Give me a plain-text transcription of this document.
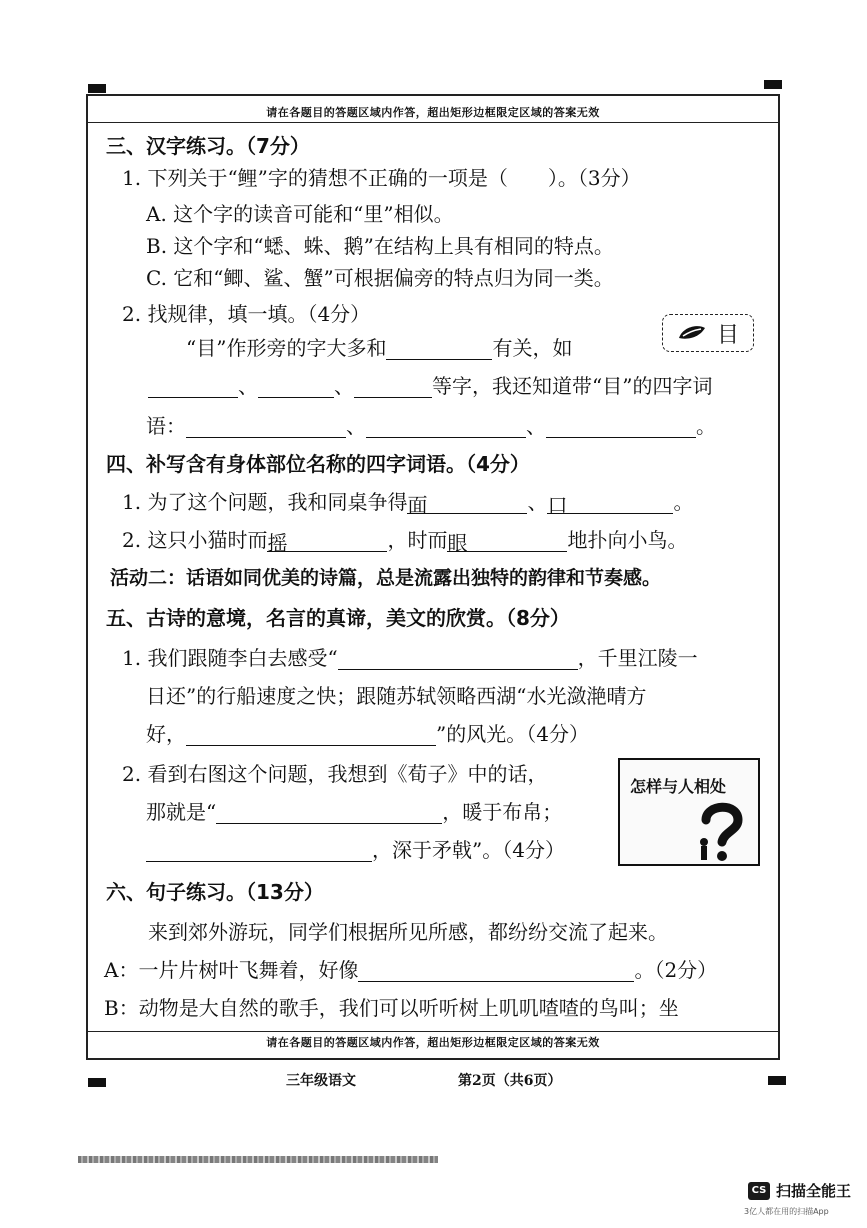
请在各题目的答题区域内作答，超出矩形边框限定区域的答案无效
请在各题目的答题区域内作答，超出矩形边框限定区域的答案无效
三、汉字练习。（7分）
1. 下列关于“鲤”字的猜想不正确的一项是（　　）。（3分）
A. 这个字的读音可能和“里”相似。
B. 这个字和“蟋、蛛、鹅”在结构上具有相同的特点。
C. 它和“鲫、鲨、蟹”可根据偏旁的特点归为同一类。
2. 找规律，填一填。（4分）
目
“目”作形旁的字大多和	有关，如
、	、	等字，我还知道带“目”的四字词
语：	、	、	。
四、补写含有身体部位名称的四字词语。（4分）
1. 为了这个问题，我和同桌争得面	、口	。
2. 这只小猫时而摇	，时而眼	地扑向小鸟。
活动二：话语如同优美的诗篇，总是流露出独特的韵律和节奏感。
五、古诗的意境，名言的真谛，美文的欣赏。（8分）
1. 我们跟随李白去感受“	，千里江陵一
日还”的行船速度之快；跟随苏轼领略西湖“水光潋滟晴方
好，	”的风光。（4分）
2. 看到右图这个问题，我想到《荀子》中的话，
那就是“	，暖于布帛；
，深于矛戟”。（4分）
怎样与人相处
六、句子练习。（13分）
来到郊外游玩，同学们根据所见所感，都纷纷交流了起来。
A：一片片树叶飞舞着，好像	。（2分）
B：动物是大自然的歌手，我们可以听听树上叽叽喳喳的鸟叫；坐
三年级语文	第2页（共6页）
CS 扫描全能王
3亿人都在用的扫描App
